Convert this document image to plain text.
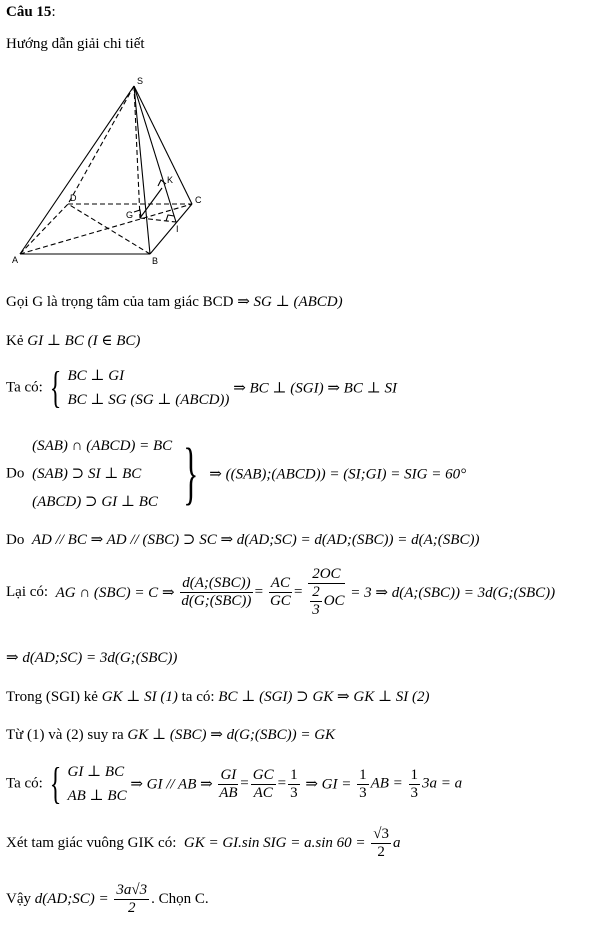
Câu 15:
Hướng dẫn giải chi tiết
S
K
D	C
G
I
A	B
Gọi G là trọng tâm của tam giác BCD ⇒ SG ⊥ (ABCD)
Kẻ GI ⊥ BC (I ∈ BC)
Ta có: { BC ⊥ GI
BC ⊥ SG (SG ⊥ (ABCD))
⇒ BC ⊥ (SGI) ⇒ BC ⊥ SI
Do
(SAB) ∩ (ABCD) = BC
(SAB) ⊃ SI ⊥ BC
(ABCD) ⊃ GI ⊥ BC } ⇒ ((SAB);(ABCD)) = (SI;GI) = SIG = 60°
Do AD // BC ⇒ AD // (SBC) ⊃ SC ⇒ d(AD;SC) = d(AD;(SBC)) = d(A;(SBC))
Lại có: AG ∩ (SBC) = C ⇒ $\frac{\text{d(A;(SBC))}}{\text{d(G;(SBC))}} = \frac{AC}{GC} = \frac{2OC}{\frac{2}{3} OC} = 3$ ⇒ d(A;(SBC)) = 3d(G;(SBC))
⇒ d(AD;SC) = 3d(G;(SBC))
Trong (SGI) kẻ GK ⊥ SI (1) ta có: BC ⊥ (SGI) ⊃ GK ⇒ GK ⊥ SI (2)
Từ (1) và (2) suy ra GK ⊥ (SBC) ⇒ d(G;(SBC)) = GK
Ta có: { GI ⊥ BC
AB ⊥ BC
⇒ GI // AB ⇒ $\frac{GI}{AB} = \frac{GC}{AC} = \frac{1}{3}$ ⇒ GI = $\frac{1}{3}$ AB = $\frac{1}{3} 3a = a$
Xét tam giác vuông GIK có: GK = GI.sin SIG = a.sin $60 = \frac{√3}{2}$ a
Vậy d(AD;SC) = $\frac{3a√3}{2}$ . Chọn C.
